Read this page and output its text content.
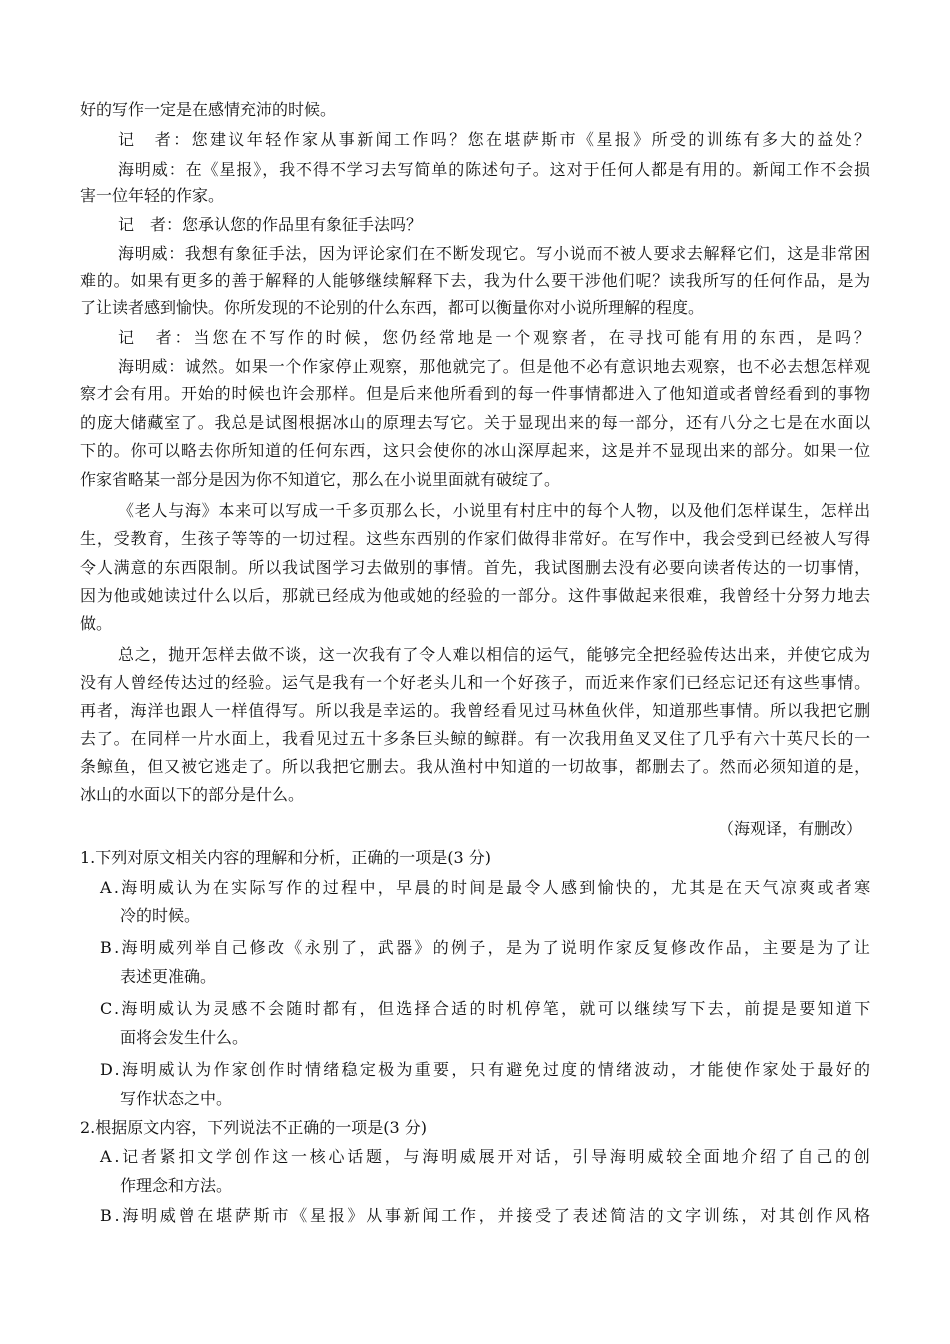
好的写作一定是在感情充沛的时候。
记　者：您建议年轻作家从事新闻工作吗？您在堪萨斯市《星报》所受的训练有多大的益处？
海明威：在《星报》，我不得不学习去写简单的陈述句子。这对于任何人都是有用的。新闻工作不会损
害一位年轻的作家。
记　者：您承认您的作品里有象征手法吗？
海明威：我想有象征手法，因为评论家们在不断发现它。写小说而不被人要求去解释它们，这是非常困
难的。如果有更多的善于解释的人能够继续解释下去，我为什么要干涉他们呢？读我所写的任何作品，是为
了让读者感到愉快。你所发现的不论别的什么东西，都可以衡量你对小说所理解的程度。
记　者：当您在不写作的时候，您仍经常地是一个观察者，在寻找可能有用的东西，是吗？
海明威：诚然。如果一个作家停止观察，那他就完了。但是他不必有意识地去观察，也不必去想怎样观
察才会有用。开始的时候也许会那样。但是后来他所看到的每一件事情都进入了他知道或者曾经看到的事物
的庞大储藏室了。我总是试图根据冰山的原理去写它。关于显现出来的每一部分，还有八分之七是在水面以
下的。你可以略去你所知道的任何东西，这只会使你的冰山深厚起来，这是并不显现出来的部分。如果一位
作家省略某一部分是因为你不知道它，那么在小说里面就有破绽了。
《老人与海》本来可以写成一千多页那么长，小说里有村庄中的每个人物，以及他们怎样谋生，怎样出
生，受教育，生孩子等等的一切过程。这些东西别的作家们做得非常好。在写作中，我会受到已经被人写得
令人满意的东西限制。所以我试图学习去做别的事情。首先，我试图删去没有必要向读者传达的一切事情，
因为他或她读过什么以后，那就已经成为他或她的经验的一部分。这件事做起来很难，我曾经十分努力地去
做。
总之，抛开怎样去做不谈，这一次我有了令人难以相信的运气，能够完全把经验传达出来，并使它成为
没有人曾经传达过的经验。运气是我有一个好老头儿和一个好孩子，而近来作家们已经忘记还有这些事情。
再者，海洋也跟人一样值得写。所以我是幸运的。我曾经看见过马林鱼伙伴，知道那些事情。所以我把它删
去了。在同样一片水面上，我看见过五十多条巨头鲸的鲸群。有一次我用鱼叉叉住了几乎有六十英尺长的一
条鲸鱼，但又被它逃走了。所以我把它删去。我从渔村中知道的一切故事，都删去了。然而必须知道的是，
冰山的水面以下的部分是什么。
（海观译，有删改）
1.下列对原文相关内容的理解和分析，正确的一项是(3 分)
A.海明威认为在实际写作的过程中，早晨的时间是最令人感到愉快的，尤其是在天气凉爽或者寒
冷的时候。
B.海明威列举自己修改《永别了，武器》的例子，是为了说明作家反复修改作品，主要是为了让
表述更准确。
C.海明威认为灵感不会随时都有，但选择合适的时机停笔，就可以继续写下去，前提是要知道下
面将会发生什么。
D.海明威认为作家创作时情绪稳定极为重要，只有避免过度的情绪波动，才能使作家处于最好的
写作状态之中。
2.根据原文内容，下列说法不正确的一项是(3 分)
A.记者紧扣文学创作这一核心话题，与海明威展开对话，引导海明威较全面地介绍了自己的创
作理念和方法。
B.海明威曾在堪萨斯市《星报》从事新闻工作，并接受了表述简洁的文字训练，对其创作风格
